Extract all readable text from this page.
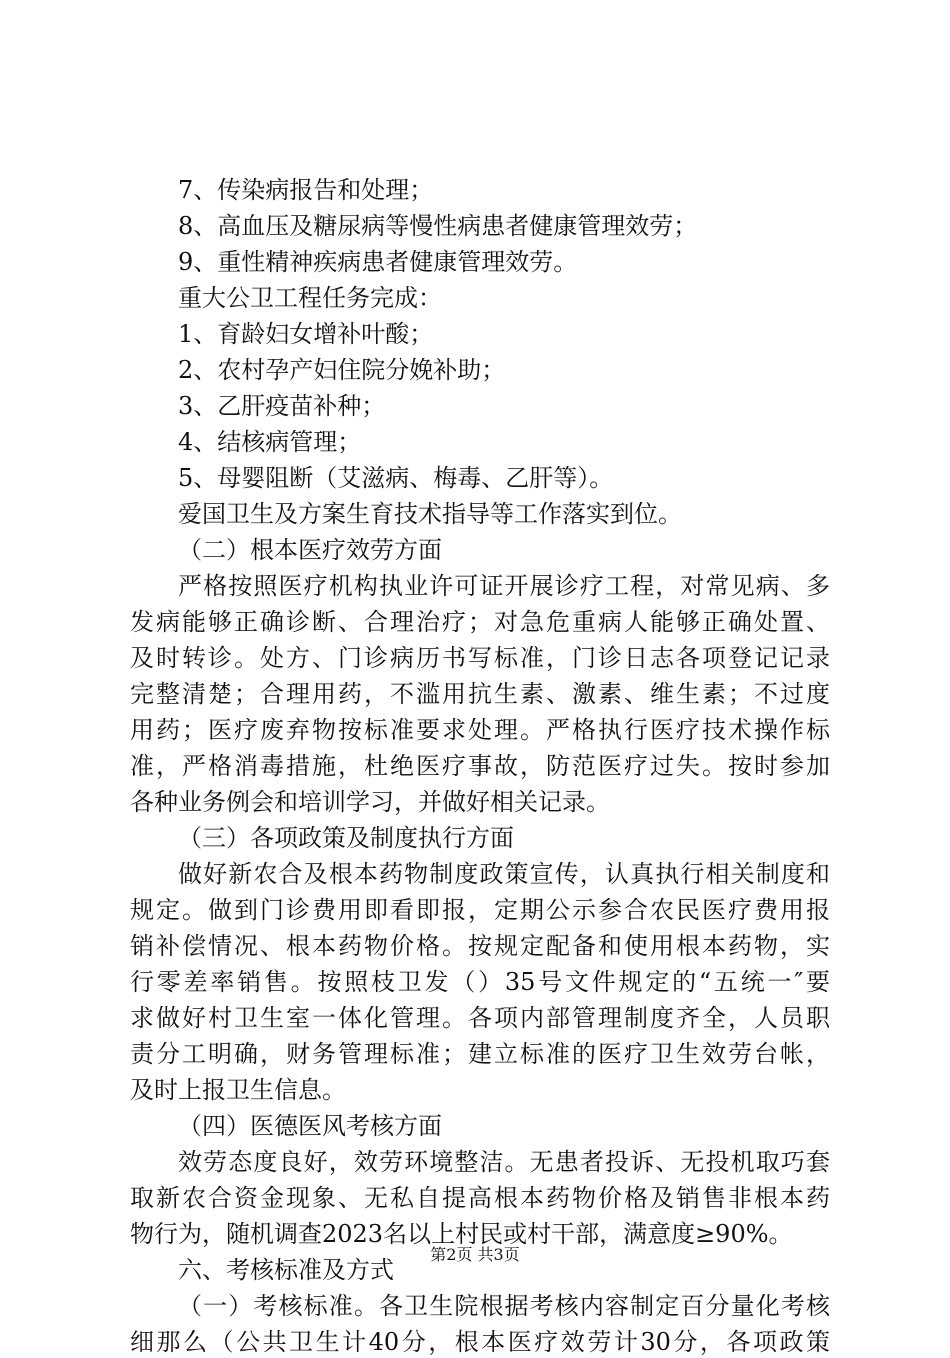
7、传染病报告和处理；
8、高血压及糖尿病等慢性病患者健康管理效劳；
9、重性精神疾病患者健康管理效劳。
重大公卫工程任务完成：
1、育龄妇女增补叶酸；
2、农村孕产妇住院分娩补助；
3、乙肝疫苗补种；
4、结核病管理；
5、母婴阻断（艾滋病、梅毒、乙肝等）。
爱国卫生及方案生育技术指导等工作落实到位。
（二）根本医疗效劳方面
严格按照医疗机构执业许可证开展诊疗工程，对常见病、多
发病能够正确诊断、合理治疗；对急危重病人能够正确处置、
及时转诊。处方、门诊病历书写标准，门诊日志各项登记记录
完整清楚；合理用药，不滥用抗生素、激素、维生素；不过度
用药；医疗废弃物按标准要求处理。严格执行医疗技术操作标
准，严格消毒措施，杜绝医疗事故，防范医疗过失。按时参加
各种业务例会和培训学习，并做好相关记录。
（三）各项政策及制度执行方面
做好新农合及根本药物制度政策宣传，认真执行相关制度和
规定。做到门诊费用即看即报，定期公示参合农民医疗费用报
销补偿情况、根本药物价格。按规定配备和使用根本药物，实
行零差率销售。按照枝卫发（）35号文件规定的“五统一″要
求做好村卫生室一体化管理。各项内部管理制度齐全，人员职
责分工明确，财务管理标准；建立标准的医疗卫生效劳台帐，
及时上报卫生信息。
（四）医德医风考核方面
效劳态度良好，效劳环境整洁。无患者投诉、无投机取巧套
取新农合资金现象、无私自提高根本药物价格及销售非根本药
物行为，随机调查2023名以上村民或村干部，满意度≥90%。
六、考核标准及方式
（一）考核标准。各卫生院根据考核内容制定百分量化考核
细那么（公共卫生计40分，根本医疗效劳计30分，各项政策
第2页 共3页
